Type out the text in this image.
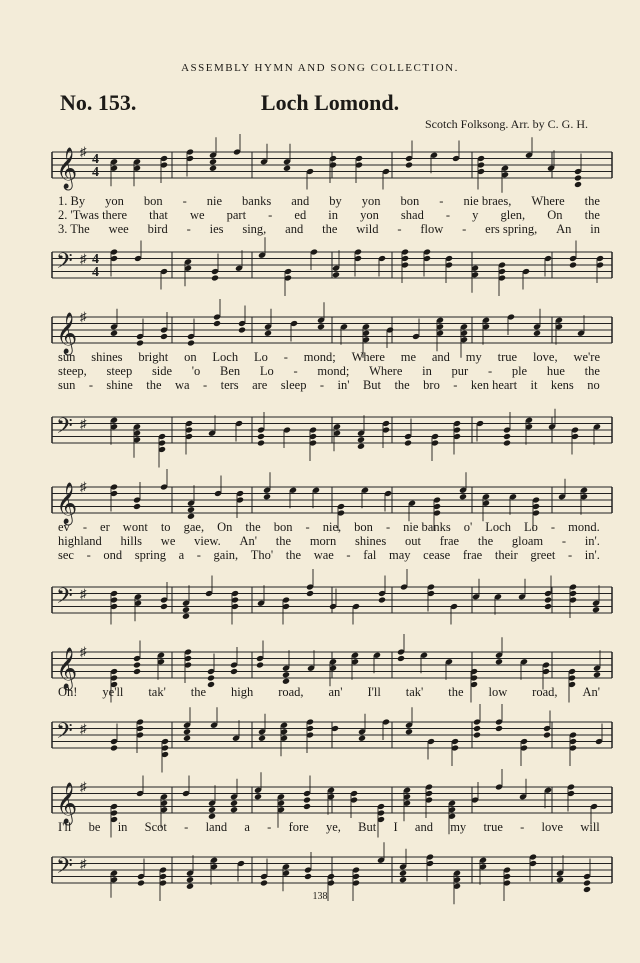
ASSEMBLY HYMN AND SONG COLLECTION.
No. 153.	Loch Lomond.
Scotch Folksong. Arr. by C. G. H.
𝄞 ♯
4
4
𝄢 ♯ 4
4
1. By yon bon - nie banks and by yon bon - nie braes, Where the
2. 'Twas there that we part - ed in yon shad - y glen, On the
3. The wee bird - ies sing, and the wild - flow - ers spring, An in
𝄞 ♯
𝄢 ♯
sun shines bright on Loch Lo - mond; Where me and my true love, we're
steep, steep side 'o Ben Lo - mond; Where in pur - ple hue the
sun - shine the wa - ters are sleep - in' But the bro - ken heart it kens no
𝄞 ♯
𝄢 ♯
ev - er wont to gae, On the bon - nie, bon - nie banks o' Loch Lo - mond.
highland hills we view. An' the morn shines out frae the gloam - in'.
sec - ond spring a - gain, Tho' the wae - fal may cease frae their greet - in'.
𝄞 ♯
𝄢 ♯
Oh! ye'll tak' the high road, an' I'll tak' the low road, An'
𝄞 ♯
𝄢 ♯
I'll be in Scot - land a - fore ye, But I and my true - love will
138
